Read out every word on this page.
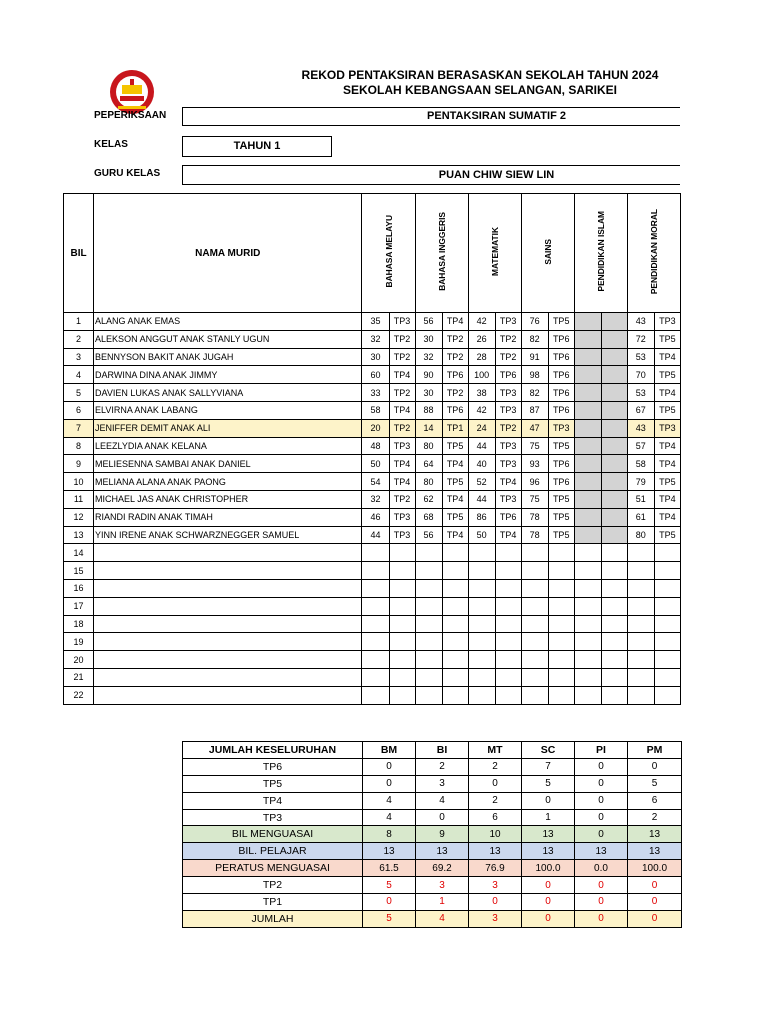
REKOD PENTAKSIRAN BERASASKAN SEKOLAH TAHUN 2024
SEKOLAH KEBANGSAAN SELANGAN, SARIKEI
PEPERIKSAAN	PENTAKSIRAN SUMATIF 2
KELAS	TAHUN 1
GURU KELAS	PUAN CHIW SIEW LIN
BIL	NAMA MURID	BAHASA MELAYU		BAHASA INGGERIS		MATEMATIK		SAINS		PENDIDIKAN ISLAM		PENDIDIKAN MORAL	
1	ALANG ANAK EMAS	35	TP3	56	TP4	42	TP3	76	TP5			43	TP3
2	ALEKSON ANGGUT ANAK STANLY UGUN	32	TP2	30	TP2	26	TP2	82	TP6			72	TP5
3	BENNYSON BAKIT ANAK JUGAH	30	TP2	32	TP2	28	TP2	91	TP6			53	TP4
4	DARWINA DINA ANAK JIMMY	60	TP4	90	TP6	100	TP6	98	TP6			70	TP5
5	DAVIEN LUKAS ANAK SALLYVIANA	33	TP2	30	TP2	38	TP3	82	TP6			53	TP4
6	ELVIRNA ANAK LABANG	58	TP4	88	TP6	42	TP3	87	TP6			67	TP5
7	JENIFFER DEMIT ANAK ALI	20	TP2	14	TP1	24	TP2	47	TP3			43	TP3
8	LEEZLYDIA ANAK KELANA	48	TP3	80	TP5	44	TP3	75	TP5			57	TP4
9	MELIESENNA SAMBAI ANAK DANIEL	50	TP4	64	TP4	40	TP3	93	TP6			58	TP4
10	MELIANA ALANA ANAK PAONG	54	TP4	80	TP5	52	TP4	96	TP6			79	TP5
11	MICHAEL JAS ANAK CHRISTOPHER	32	TP2	62	TP4	44	TP3	75	TP5			51	TP4
12	RIANDI RADIN ANAK TIMAH	46	TP3	68	TP5	86	TP6	78	TP5			61	TP4
13	YINN IRENE ANAK SCHWARZNEGGER SAMUEL	44	TP3	56	TP4	50	TP4	78	TP5			80	TP5
14													
15													
16													
17													
18													
19													
20													
21													
22													
JUMLAH KESELURUHAN	BM	BI	MT	SC	PI	PM
TP6	0	2	2	7	0	0
TP5	0	3	0	5	0	5
TP4	4	4	2	0	0	6
TP3	4	0	6	1	0	2
BIL MENGUASAI	8	9	10	13	0	13
BIL. PELAJAR	13	13	13	13	13	13
PERATUS MENGUASAI	61.5	69.2	76.9	100.0	0.0	100.0
TP2	5	3	3	0	0	0
TP1	0	1	0	0	0	0
JUMLAH	5	4	3	0	0	0
